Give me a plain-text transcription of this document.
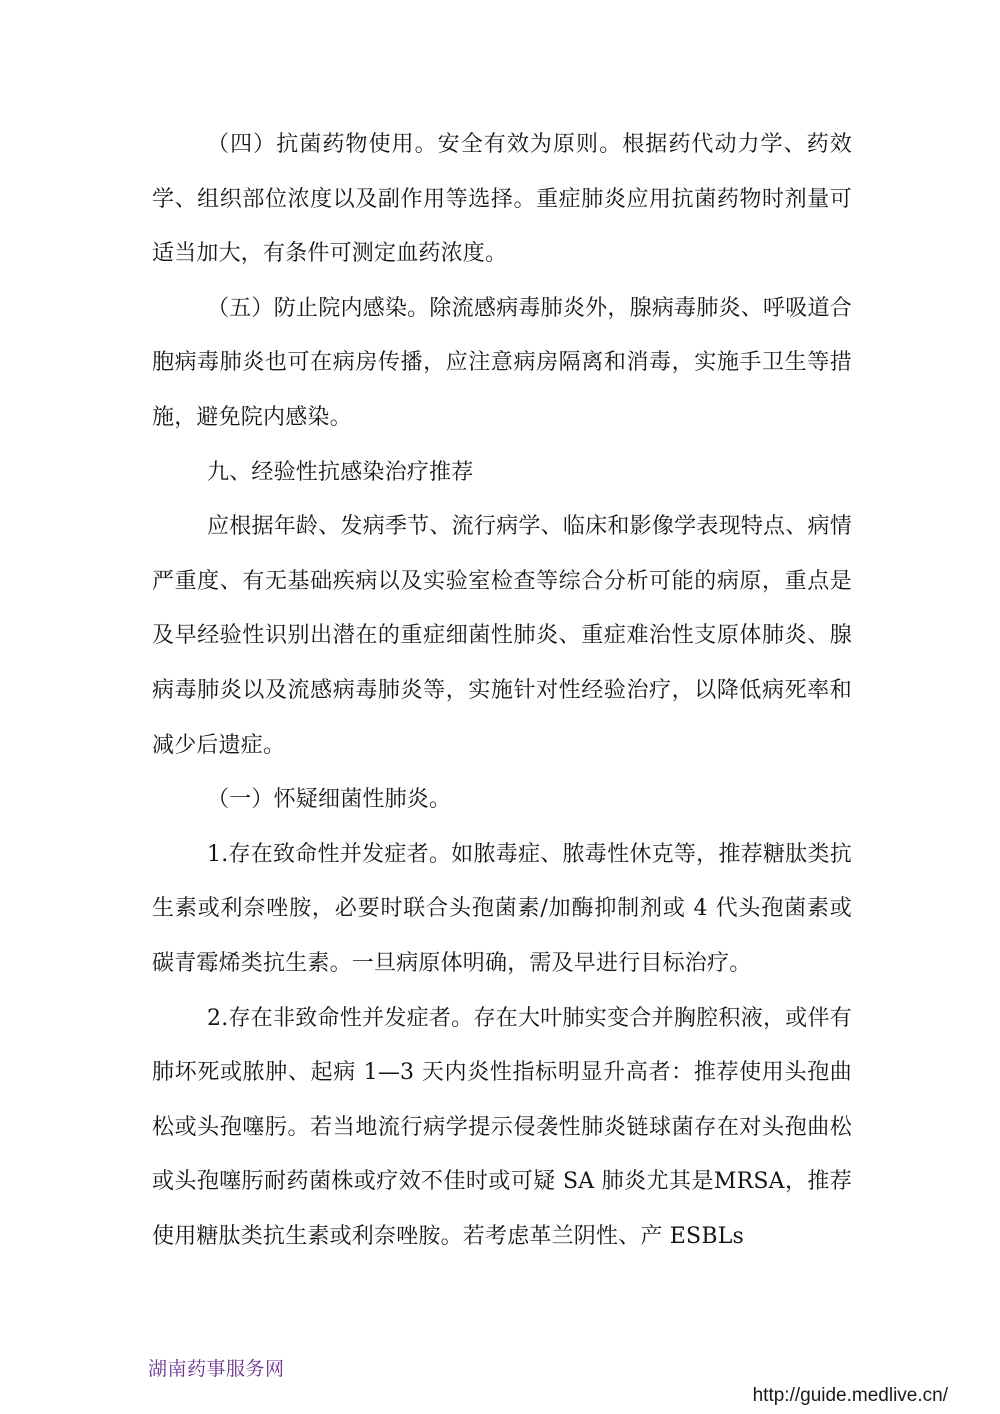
（四）抗菌药物使用。安全有效为原则。根据药代动力学、药效学、组织部位浓度以及副作用等选择。重症肺炎应用抗菌药物时剂量可适当加大，有条件可测定血药浓度。

（五）防止院内感染。除流感病毒肺炎外，腺病毒肺炎、呼吸道合胞病毒肺炎也可在病房传播，应注意病房隔离和消毒，实施手卫生等措施，避免院内感染。

九、经验性抗感染治疗推荐

应根据年龄、发病季节、流行病学、临床和影像学表现特点、病情严重度、有无基础疾病以及实验室检查等综合分析可能的病原，重点是及早经验性识别出潜在的重症细菌性肺炎、重症难治性支原体肺炎、腺病毒肺炎以及流感病毒肺炎等，实施针对性经验治疗，以降低病死率和减少后遗症。

（一）怀疑细菌性肺炎。

1.存在致命性并发症者。如脓毒症、脓毒性休克等，推荐糖肽类抗生素或利奈唑胺，必要时联合头孢菌素/加酶抑制剂或 4 代头孢菌素或碳青霉烯类抗生素。一旦病原体明确，需及早进行目标治疗。

2.存在非致命性并发症者。存在大叶肺实变合并胸腔积液，或伴有肺坏死或脓肿、起病 1—3 天内炎性指标明显升高者：推荐使用头孢曲松或头孢噻肟。若当地流行病学提示侵袭性肺炎链球菌存在对头孢曲松或头孢噻肟耐药菌株或疗效不佳时或可疑 SA 肺炎尤其是MRSA，推荐使用糖肽类抗生素或利奈唑胺。若考虑革兰阴性、产 ESBLs

湖南药事服务网
http://guide.medlive.cn/
